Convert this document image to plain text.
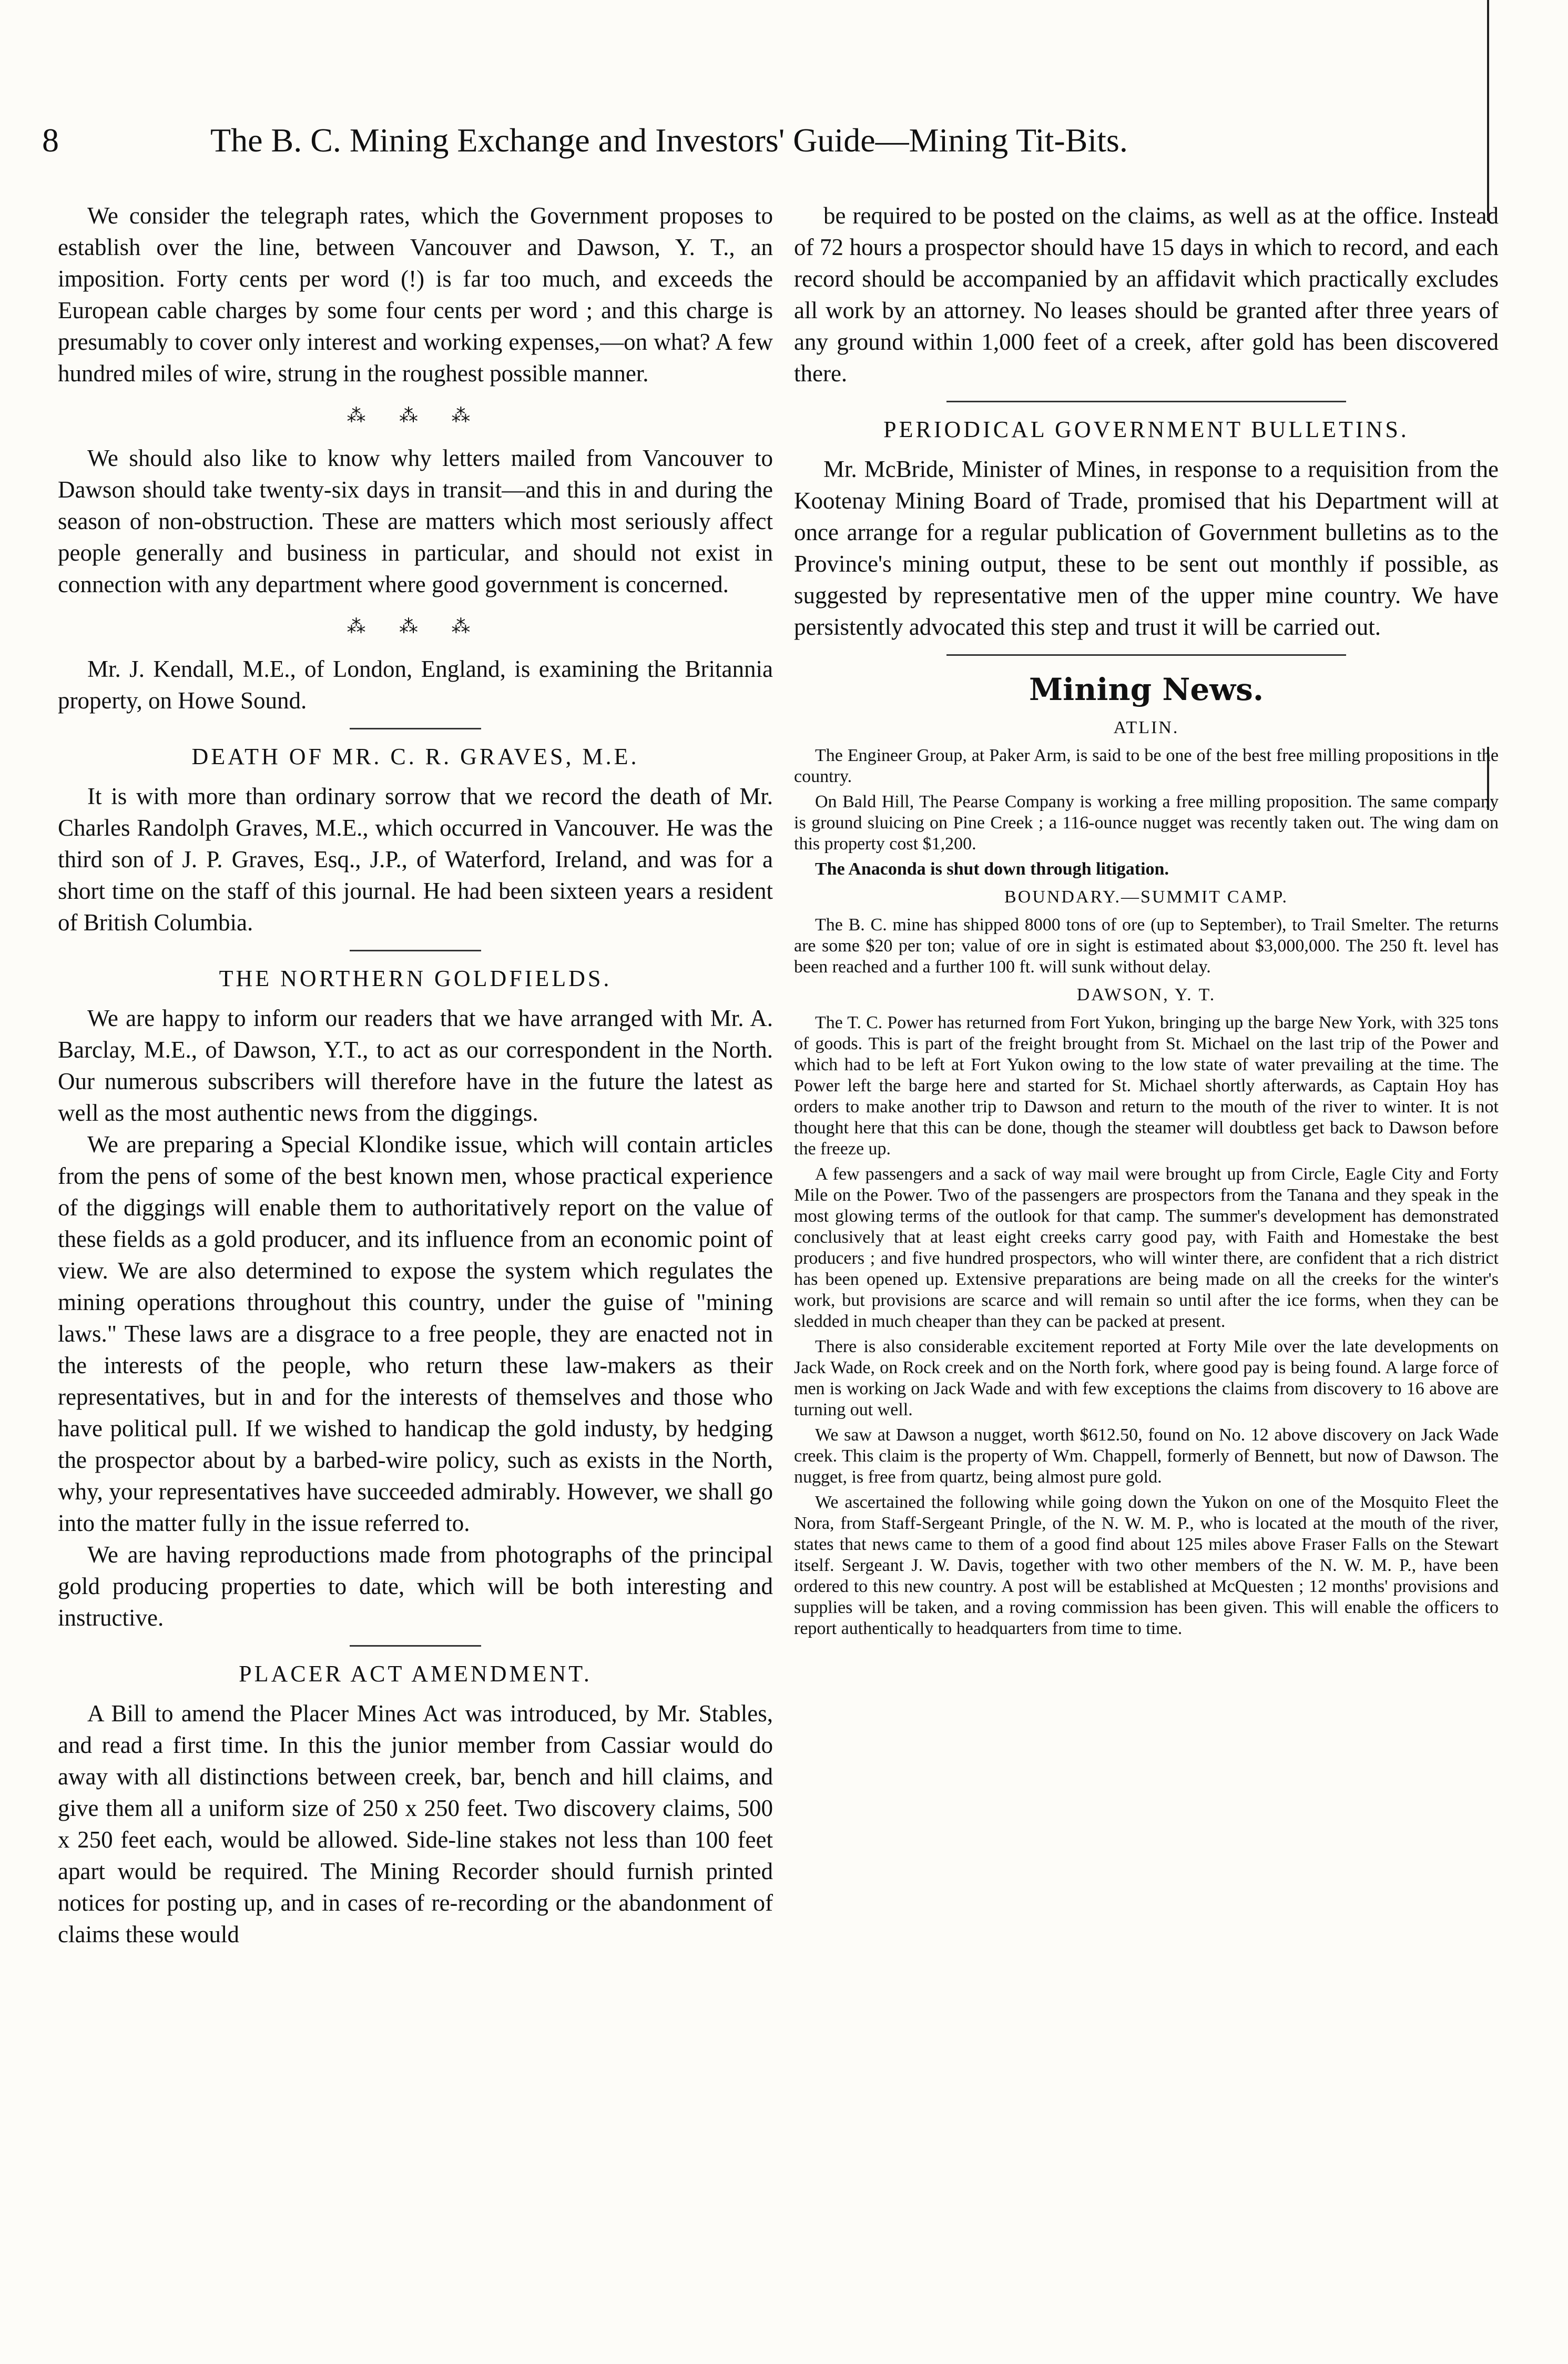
8	The B. C. Mining Exchange and Investors' Guide—Mining Tit-Bits.

We consider the telegraph rates, which the Government proposes to establish over the line, between Vancouver and Dawson, Y. T., an imposition. Forty cents per word (!) is far too much, and exceeds the European cable charges by some four cents per word ; and this charge is presumably to cover only interest and working expenses,—on what? A few hundred miles of wire, strung in the roughest possible manner.

⁂ ⁂ ⁂

We should also like to know why letters mailed from Vancouver to Dawson should take twenty-six days in transit—and this in and during the season of non-obstruction. These are matters which most seriously affect people generally and business in particular, and should not exist in connection with any department where good government is concerned.

⁂ ⁂ ⁂

Mr. J. Kendall, M.E., of London, England, is examining the Britannia property, on Howe Sound.

DEATH OF MR. C. R. GRAVES, M.E.

It is with more than ordinary sorrow that we record the death of Mr. Charles Randolph Graves, M.E., which occurred in Vancouver. He was the third son of J. P. Graves, Esq., J.P., of Waterford, Ireland, and was for a short time on the staff of this journal. He had been sixteen years a resident of British Columbia.

THE NORTHERN GOLDFIELDS.

We are happy to inform our readers that we have arranged with Mr. A. Barclay, M.E., of Dawson, Y.T., to act as our correspondent in the North. Our numerous subscribers will therefore have in the future the latest as well as the most authentic news from the diggings.

We are preparing a Special Klondike issue, which will contain articles from the pens of some of the best known men, whose practical experience of the diggings will enable them to authoritatively report on the value of these fields as a gold producer, and its influence from an economic point of view. We are also determined to expose the system which regulates the mining operations throughout this country, under the guise of "mining laws." These laws are a disgrace to a free people, they are enacted not in the interests of the people, who return these law-makers as their representatives, but in and for the interests of themselves and those who have political pull. If we wished to handicap the gold industy, by hedging the prospector about by a barbed-wire policy, such as exists in the North, why, your representatives have succeeded admirably. However, we shall go into the matter fully in the issue referred to.

We are having reproductions made from photographs of the principal gold producing properties to date, which will be both interesting and instructive.

PLACER ACT AMENDMENT.

A Bill to amend the Placer Mines Act was introduced, by Mr. Stables, and read a first time. In this the junior member from Cassiar would do away with all distinctions between creek, bar, bench and hill claims, and give them all a uniform size of 250 x 250 feet. Two discovery claims, 500 x 250 feet each, would be allowed. Side-line stakes not less than 100 feet apart would be required. The Mining Recorder should furnish printed notices for posting up, and in cases of re-recording or the abandonment of claims these would

be required to be posted on the claims, as well as at the office. Instead of 72 hours a prospector should have 15 days in which to record, and each record should be accompanied by an affidavit which practically excludes all work by an attorney. No leases should be granted after three years of any ground within 1,000 feet of a creek, after gold has been discovered there.

PERIODICAL GOVERNMENT BULLETINS.

Mr. McBride, Minister of Mines, in response to a requisition from the Kootenay Mining Board of Trade, promised that his Department will at once arrange for a regular publication of Government bulletins as to the Province's mining output, these to be sent out monthly if possible, as suggested by representative men of the upper mine country. We have persistently advocated this step and trust it will be carried out.

Mining News.
ATLIN.

The Engineer Group, at Paker Arm, is said to be one of the best free milling propositions in the country.

On Bald Hill, The Pearse Company is working a free milling proposition. The same company is ground sluicing on Pine Creek ; a 116-ounce nugget was recently taken out. The wing dam on this property cost $1,200.

The Anaconda is shut down through litigation.

BOUNDARY.—SUMMIT CAMP.

The B. C. mine has shipped 8000 tons of ore (up to September), to Trail Smelter. The returns are some $20 per ton; value of ore in sight is estimated about $3,000,000. The 250 ft. level has been reached and a further 100 ft. will sunk without delay.

DAWSON, Y. T.

The T. C. Power has returned from Fort Yukon, bringing up the barge New York, with 325 tons of goods. This is part of the freight brought from St. Michael on the last trip of the Power and which had to be left at Fort Yukon owing to the low state of water prevailing at the time. The Power left the barge here and started for St. Michael shortly afterwards, as Captain Hoy has orders to make another trip to Dawson and return to the mouth of the river to winter. It is not thought here that this can be done, though the steamer will doubtless get back to Dawson before the freeze up.

A few passengers and a sack of way mail were brought up from Circle, Eagle City and Forty Mile on the Power. Two of the passengers are prospectors from the Tanana and they speak in the most glowing terms of the outlook for that camp. The summer's development has demonstrated conclusively that at least eight creeks carry good pay, with Faith and Homestake the best producers ; and five hundred prospectors, who will winter there, are confident that a rich district has been opened up. Extensive preparations are being made on all the creeks for the winter's work, but provisions are scarce and will remain so until after the ice forms, when they can be sledded in much cheaper than they can be packed at present.

There is also considerable excitement reported at Forty Mile over the late developments on Jack Wade, on Rock creek and on the North fork, where good pay is being found. A large force of men is working on Jack Wade and with few exceptions the claims from discovery to 16 above are turning out well.

We saw at Dawson a nugget, worth $612.50, found on No. 12 above discovery on Jack Wade creek. This claim is the property of Wm. Chappell, formerly of Bennett, but now of Dawson. The nugget, is free from quartz, being almost pure gold.

We ascertained the following while going down the Yukon on one of the Mosquito Fleet the Nora, from Staff-Sergeant Pringle, of the N. W. M. P., who is located at the mouth of the river, states that news came to them of a good find about 125 miles above Fraser Falls on the Stewart itself. Sergeant J. W. Davis, together with two other members of the N. W. M. P., have been ordered to this new country. A post will be established at McQuesten ; 12 months' provisions and supplies will be taken, and a roving commission has been given. This will enable the officers to report authentically to headquarters from time to time.
